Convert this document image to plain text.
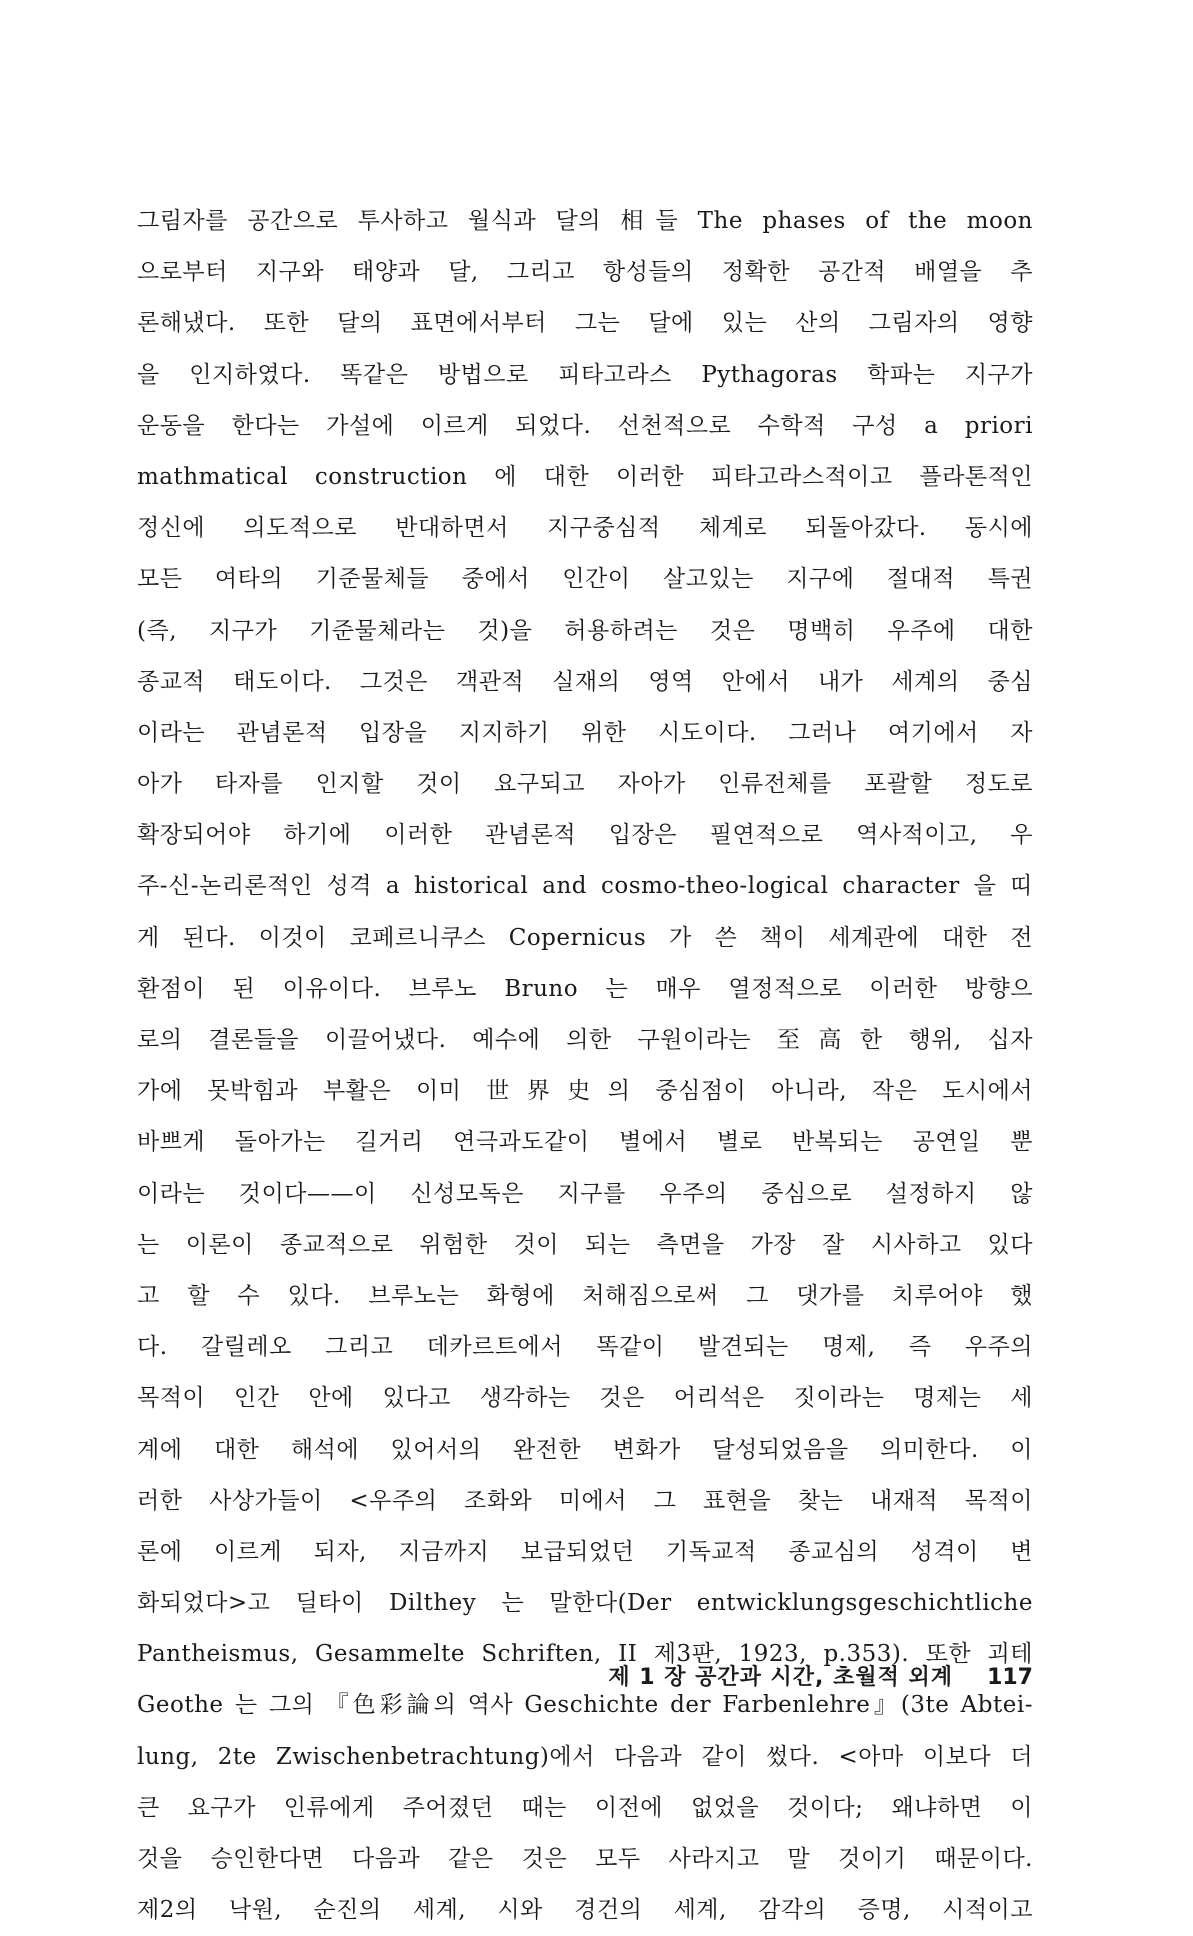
그림자를 공간으로 투사하고 월식과 달의 相들 The phases of the moon
으로부터 지구와 태양과 달, 그리고 항성들의 정확한 공간적 배열을 추
론해냈다. 또한 달의 표면에서부터 그는 달에 있는 산의 그림자의 영향
을 인지하였다. 똑같은 방법으로 피타고라스 Pythagoras 학파는 지구가
운동을 한다는 가설에 이르게 되었다. 선천적으로 수학적 구성 a priori
mathmatical construction 에 대한 이러한 피타고라스적이고 플라톤적인
정신에 의도적으로 반대하면서 지구중심적 체계로 되돌아갔다. 동시에
모든 여타의 기준물체들 중에서 인간이 살고있는 지구에 절대적 특권
(즉, 지구가 기준물체라는 것)을 허용하려는 것은 명백히 우주에 대한
종교적 태도이다. 그것은 객관적 실재의 영역 안에서 내가 세계의 중심
이라는 관념론적 입장을 지지하기 위한 시도이다. 그러나 여기에서 자
아가 타자를 인지할 것이 요구되고 자아가 인류전체를 포괄할 정도로
확장되어야 하기에 이러한 관념론적 입장은 필연적으로 역사적이고, 우
주-신-논리론적인 성격 a historical and cosmo-theo-logical character 을 띠
게 된다. 이것이 코페르니쿠스 Copernicus 가 쓴 책이 세계관에 대한 전
환점이 된 이유이다. 브루노 Bruno 는 매우 열정적으로 이러한 방향으
로의 결론들을 이끌어냈다. 예수에 의한 구원이라는 至高한 행위, 십자
가에 못박힘과 부활은 이미 世界史의 중심점이 아니라, 작은 도시에서
바쁘게 돌아가는 길거리 연극과도같이 별에서 별로 반복되는 공연일 뿐
이라는 것이다——이 신성모독은 지구를 우주의 중심으로 설정하지 않
는 이론이 종교적으로 위험한 것이 되는 측면을 가장 잘 시사하고 있다
고 할 수 있다. 브루노는 화형에 처해짐으로써 그 댓가를 치루어야 했
다. 갈릴레오 그리고 데카르트에서 똑같이 발견되는 명제, 즉 우주의
목적이 인간 안에 있다고 생각하는 것은 어리석은 짓이라는 명제는 세
계에 대한 해석에 있어서의 완전한 변화가 달성되었음을 의미한다. 이
러한 사상가들이 <우주의 조화와 미에서 그 표현을 찾는 내재적 목적이
론에 이르게 되자, 지금까지 보급되었던 기독교적 종교심의 성격이 변
화되었다>고 딜타이 Dilthey 는 말한다(Der entwicklungsgeschichtliche
Pantheismus, Gesammelte Schriften, II 제3판, 1923, p.353). 또한 괴테
Geothe 는 그의 『色彩論의 역사 Geschichte der Farbenlehre』(3te Abtei-
lung, 2te Zwischenbetrachtung)에서 다음과 같이 썼다. <아마 이보다 더
큰 요구가 인류에게 주어졌던 때는 이전에 없었을 것이다; 왜냐하면 이
것을 승인한다면 다음과 같은 것은 모두 사라지고 말 것이기 때문이다.
제2의 낙원, 순진의 세계, 시와 경건의 세계, 감각의 증명, 시적이고
제 1 장 공간과 시간, 초월적 외계 117
